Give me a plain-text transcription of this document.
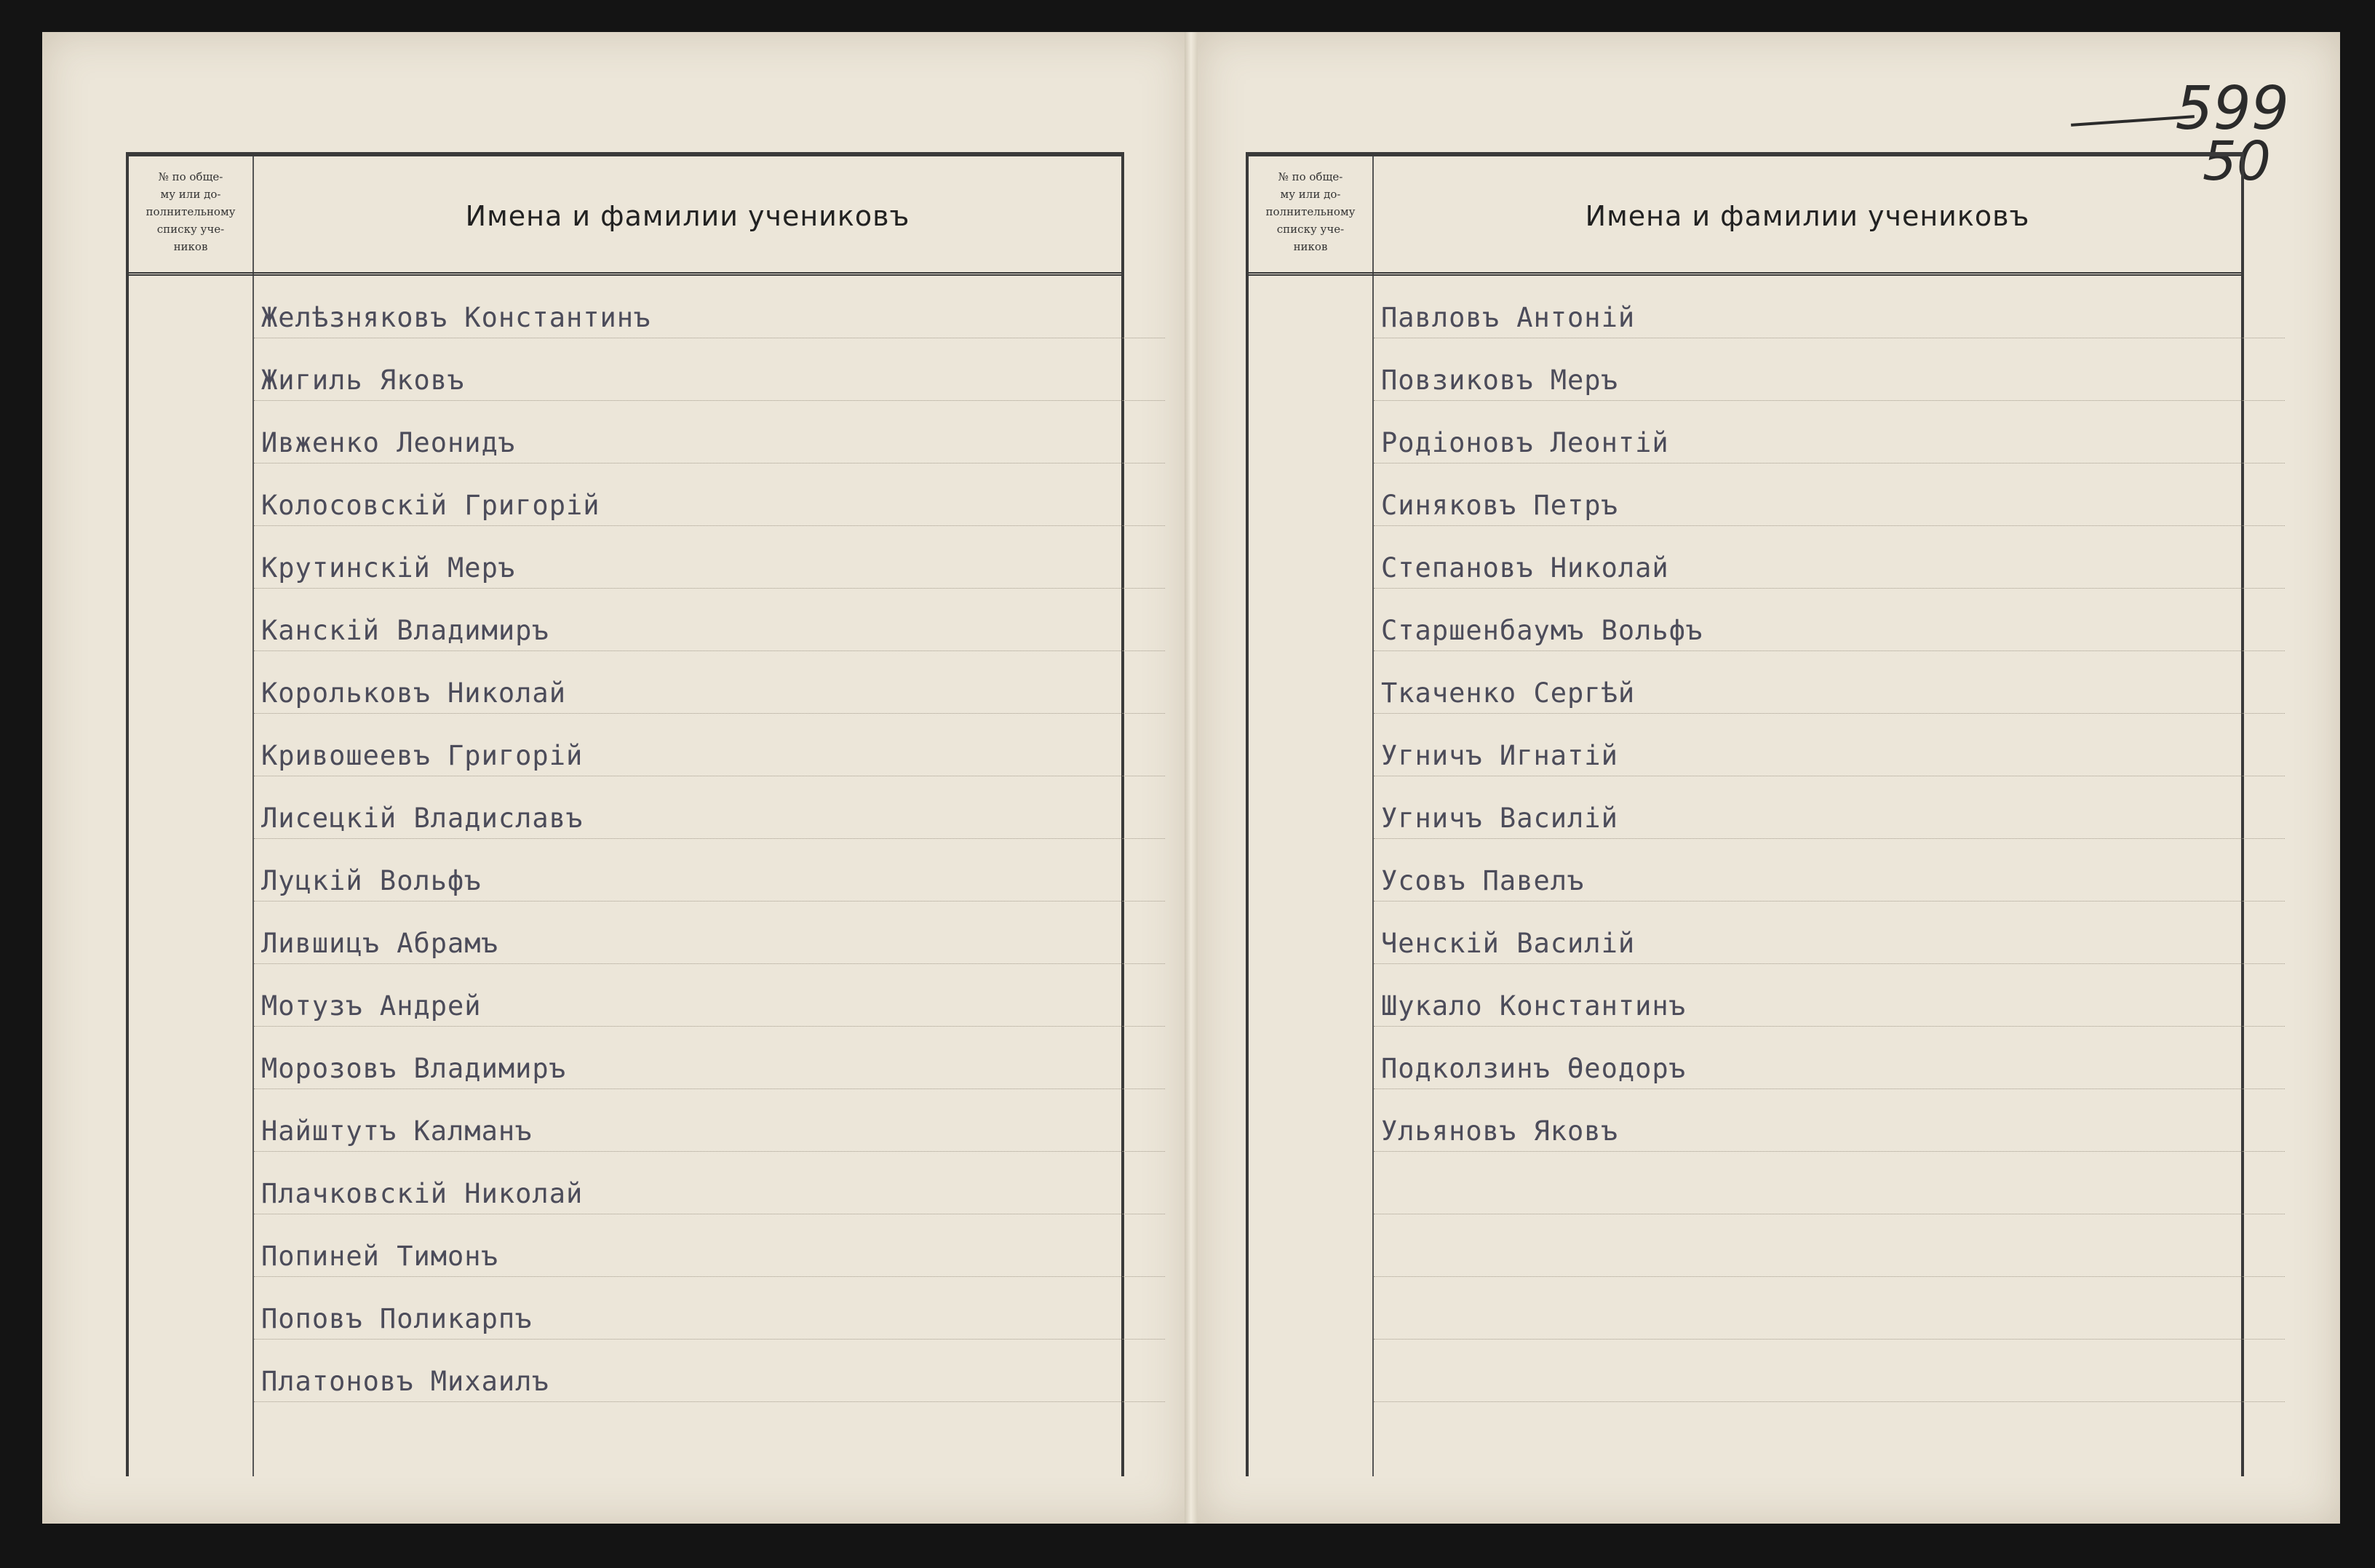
№ по обще-
му или до-
полнительному
списку уче-
ников
Имена и фамилии учениковъ
Желѣзняковъ Константинъ
Жигиль Яковъ
Ивженко Леонидъ
Колосовскій Григорій
Крутинскій Меръ
Канскій Владимиръ
Корольковъ Николай
Кривошеевъ Григорій
Лисецкій Владиславъ
Луцкій Вольфъ
Лившицъ Абрамъ
Мотузъ Андрей
Морозовъ Владимиръ
Найштутъ Калманъ
Плачковскій Николай
Попиней Тимонъ
Поповъ Поликарпъ
Платоновъ Михаилъ
599
50
№ по обще-
му или до-
полнительному
списку уче-
ников
Имена и фамилии учениковъ
Павловъ Антоній
Повзиковъ Меръ
Родіоновъ Леонтій
Синяковъ Петръ
Степановъ Николай
Старшенбаумъ Вольфъ
Ткаченко Сергѣй
Угничъ Игнатій
Угничъ Василій
Усовъ Павелъ
Ченскій Василій
Шукало Константинъ
Подколзинъ Өеодоръ
Ульяновъ Яковъ
